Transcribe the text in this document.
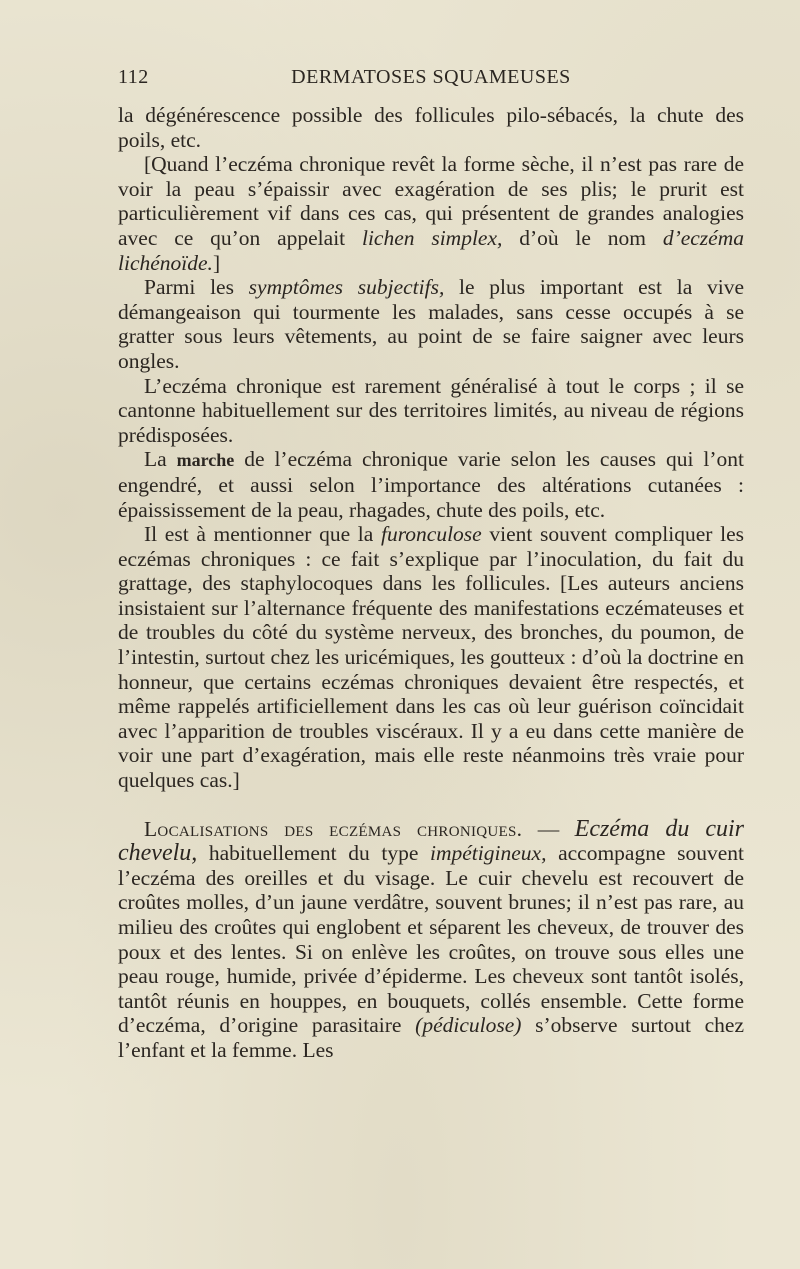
112	DERMATOSES SQUAMEUSES

la dégénérescence possible des follicules pilo-sébacés, la chute des poils, etc.

[Quand l’eczéma chronique revêt la forme sèche, il n’est pas rare de voir la peau s’épaissir avec exagération de ses plis; le prurit est particulièrement vif dans ces cas, qui présentent de grandes analogies avec ce qu’on appelait lichen simplex, d’où le nom d’eczéma lichénoïde.]

Parmi les symptômes subjectifs, le plus important est la vive démangeaison qui tourmente les malades, sans cesse occupés à se gratter sous leurs vêtements, au point de se faire saigner avec leurs ongles.

L’eczéma chronique est rarement généralisé à tout le corps ; il se cantonne habituellement sur des territoires limités, au niveau de régions prédisposées.

La marche de l’eczéma chronique varie selon les causes qui l’ont engendré, et aussi selon l’importance des altérations cutanées : épaississement de la peau, rhagades, chute des poils, etc.

Il est à mentionner que la furonculose vient souvent compliquer les eczémas chroniques : ce fait s’explique par l’inoculation, du fait du grattage, des staphylocoques dans les follicules. [Les auteurs anciens insistaient sur l’alternance fréquente des manifestations eczémateuses et de troubles du côté du système nerveux, des bronches, du poumon, de l’intestin, surtout chez les uricémiques, les goutteux : d’où la doctrine en honneur, que certains eczémas chroniques devaient être respectés, et même rappelés artificiellement dans les cas où leur guérison coïncidait avec l’apparition de troubles viscéraux. Il y a eu dans cette manière de voir une part d’exagération, mais elle reste néanmoins très vraie pour quelques cas.]

Localisations des eczémas chroniques. — Eczéma du cuir chevelu, habituellement du type impétigineux, accompagne souvent l’eczéma des oreilles et du visage. Le cuir chevelu est recouvert de croûtes molles, d’un jaune verdâtre, souvent brunes; il n’est pas rare, au milieu des croûtes qui englobent et séparent les cheveux, de trouver des poux et des lentes. Si on enlève les croûtes, on trouve sous elles une peau rouge, humide, privée d’épiderme. Les cheveux sont tantôt isolés, tantôt réunis en houppes, en bouquets, collés ensemble. Cette forme d’eczéma, d’origine parasitaire (pédiculose) s’observe surtout chez l’enfant et la femme. Les
